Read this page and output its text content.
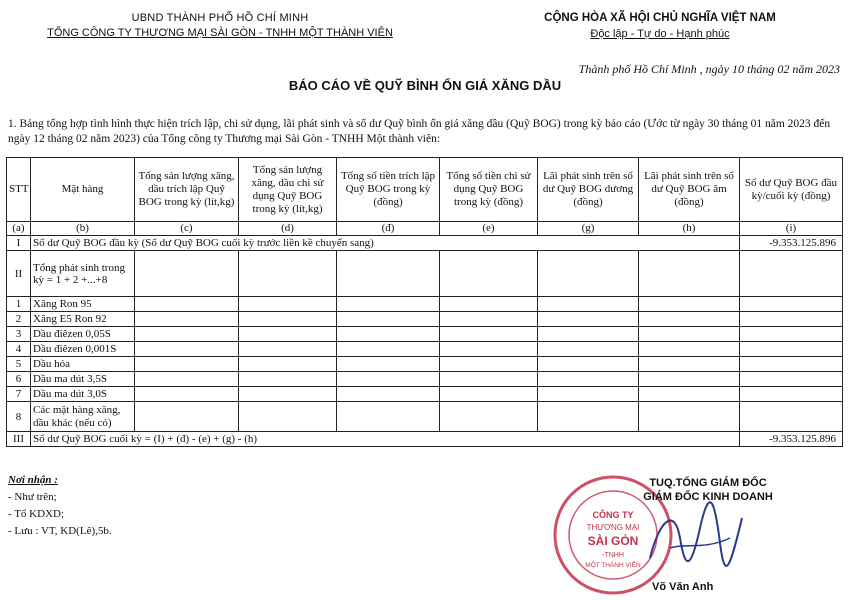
UBND THÀNH PHỐ HỒ CHÍ MINH
TỔNG CÔNG TY THƯƠNG MẠI SÀI GÒN - TNHH MỘT THÀNH VIÊN
CỘNG HÒA XÃ HỘI CHỦ NGHĨA VIỆT NAM
Độc lập - Tự do - Hạnh phúc
Thành phố Hồ Chí Minh , ngày 10 tháng 02 năm 2023
BÁO CÁO VỀ QUỸ BÌNH ỔN GIÁ XĂNG DẦU
1. Bảng tổng hợp tình hình thực hiện trích lập, chi sử dụng, lãi phát sinh và số dư Quỹ bình ổn giá xăng dầu (Quỹ BOG) trong kỳ báo cáo (Ước từ ngày 30 tháng 01 năm 2023 đến ngày 12 tháng 02 năm 2023) của Tổng công ty Thương mại Sài Gòn - TNHH Một thành viên:
STT	Mặt hàng	Tổng sản lượng xăng, dầu trích lập Quỹ BOG trong kỳ (lít,kg)	Tổng sản lượng xăng, dầu chi sử dụng Quỹ BOG trong kỳ (lít,kg)	Tổng số tiền trích lập Quỹ BOG trong kỳ (đồng)	Tổng số tiền chi sử dụng Quỹ BOG trong kỳ (đồng)	Lãi phát sinh trên số dư Quỹ BOG dương (đồng)	Lãi phát sinh trên số dư Quỹ BOG âm (đồng)	Số dư Quỹ BOG đầu kỳ/cuối kỳ (đồng)
(a)	(b)	(c)	(d)	(đ)	(e)	(g)	(h)	(i)
I	Số dư Quỹ BOG đầu kỳ (Số dư Quỹ BOG cuối kỳ trước liền kề chuyển sang)							-9.353.125.896
II	Tổng phát sinh trong kỳ = 1 + 2 +...+8							
1	Xăng Ron 95							
2	Xăng E5 Ron 92							
3	Dầu điêzen 0,05S							
4	Dầu điêzen 0,001S							
5	Dầu hỏa							
6	Dầu ma dút 3,5S							
7	Dầu ma dút 3,0S							
8	Các mặt hàng xăng, dầu khác (nếu có)							
III	Số dư Quỹ BOG cuối kỳ = (I) + (đ) - (e) + (g) - (h)							-9.353.125.896
Nơi nhận :
- Như trên;
- Tổ KDXD;
- Lưu : VT, KD(Lê),5b.
CÔNG TY
THƯƠNG MẠI
SÀI GÒN
-TNHH
MỘT THÀNH VIÊN
TUQ.TỔNG GIÁM ĐỐC
GIÁM ĐỐC KINH DOANH
Võ Văn Anh
